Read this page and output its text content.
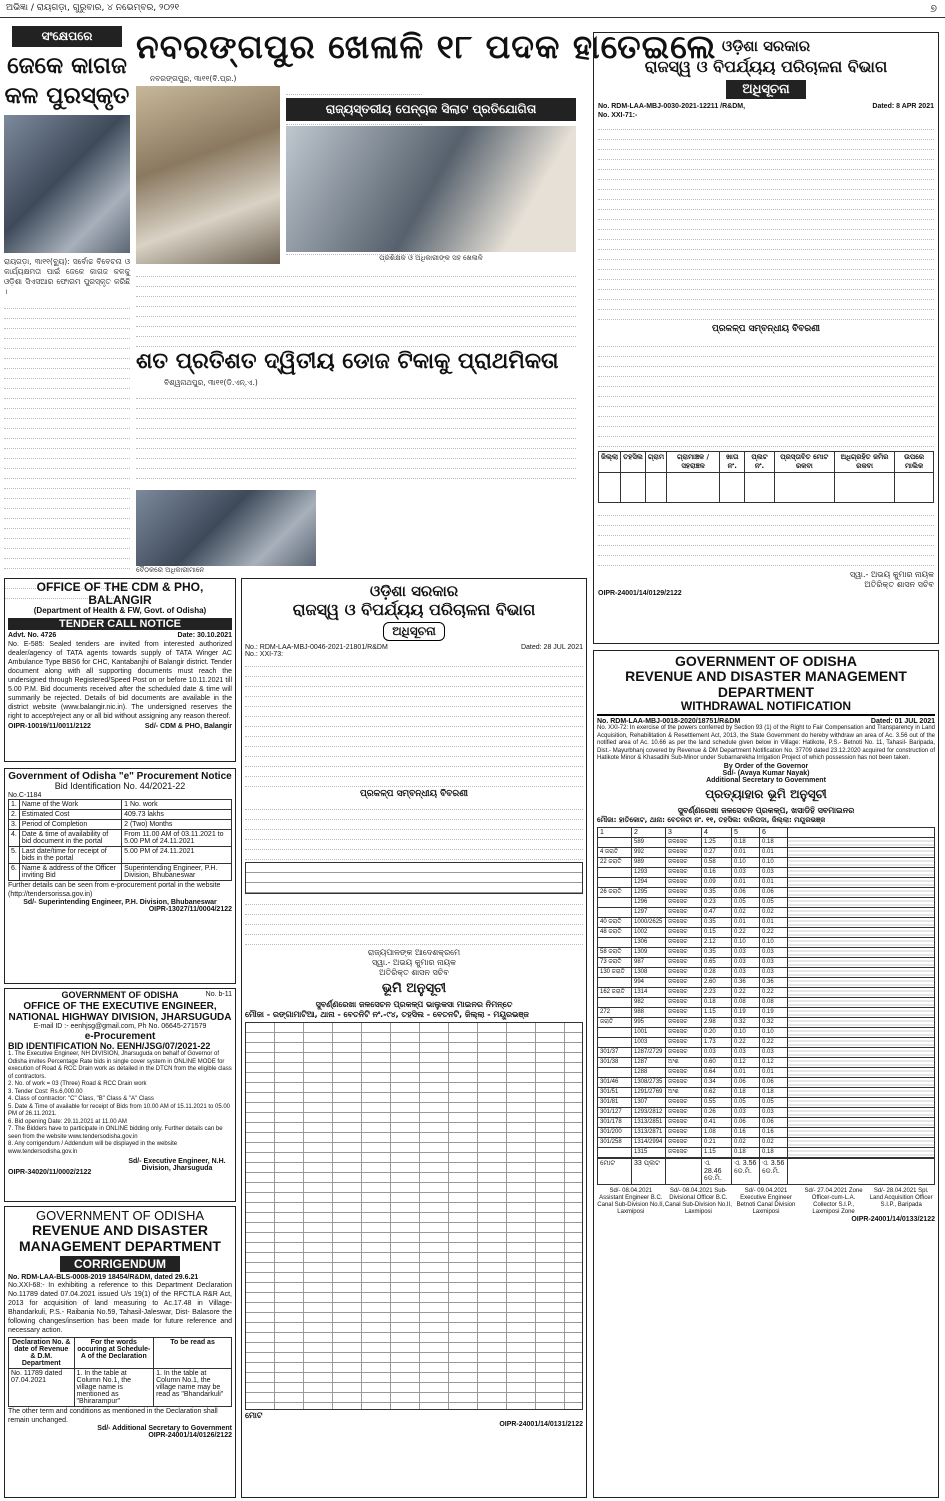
ଅଭିଜ୍ଞା / ରାୟଗଡ଼ା, ଗୁରୁବାର, ୪ ନଭେମ୍ବର, ୨୦୨୧	୭
ସଂକ୍ଷେପରେ
ଜେକେ କାଗଜ କଳ ପୁରସ୍କୃତ
ରାୟଗଡ଼ା, ୩ା୧୧(ବ୍ୟୁ): ସର୍ବୋଚ୍ଚ ବିବେଚନା ଓ କାର୍ଯ୍ୟକ୍ଷମତା ପାଇଁ ଜେକେ କାଗଜ କଳକୁ ଓଡ଼ିଶା ସିଏସଆର ଫୋରମ ପୁରସ୍କୃତ କରିଛି ।
ନବରଙ୍ଗପୁର ଖେଳାଳି ୧୮ ପଦକ ହାତେଇଲେ
ନବରଙ୍ଗପୁର, ୩ା୧୧(ବି.ପ୍ର.)
ରାଜ୍ୟସ୍ତରୀୟ ପେନ୍ଚାକ ସିଲାଟ ପ୍ରତିଯୋଗିତା
ପ୍ରଶିକ୍ଷକ ଓ ଅଧିକାରୀଙ୍କ ସହ ଖେଳାଳି
ଶତ ପ୍ରତିଶତ ଦ୍ୱିତୀୟ ଡୋଜ ଟିକାକୁ ପ୍ରାଥମିକତା
ବିଶ୍ୱନାଥପୁର, ୩ା୧୧(ଡି.ଏନ୍.ଏ.)
ବୈଠକରେ ଅଧିକାରୀମାନେ
ଓଡ଼ିଶା ସରକାର
ରାଜସ୍ୱ ଓ ବିପର୍ଯ୍ୟୟ ପରିଚାଳନା ବିଭାଗ
ଅଧିସୂଚନା
No. RDM-LAA-MBJ-0030-2021-12211 /R&DM,	Dated: 8 APR 2021
No. XXI-71:-
ପ୍ରକଳ୍ପ ସମ୍ବନ୍ଧୀୟ ବିବରଣୀ
ଜିଲ୍ଲା	ତହସିଲ	ଗ୍ରାମ	ଗ୍ରାମାଞ୍ଚଳ / ସହରାଞ୍ଚଳ	ଖାତା ନଂ.	ପ୍ଲଟ ନଂ.	ପ୍ରସ୍ତାବିତ ମୋଟ ରକବା	ଅଧିଗ୍ରହିତ ଜମିର ରକବା	ଉପରେ ମାଲିକ

ସ୍ୱା.- ଅଭୟ କୁମାର ନାୟକ
ଅତିରିକ୍ତ ଶାସନ ସଚିବ
OIPR-24001/14/0129/2122
OFFICE OF THE CDM & PHO, BALANGIR
(Department of Health & FW, Govt. of Odisha)
TENDER CALL NOTICE
Advt. No. 4726	Date: 30.10.2021
No. E-585: Sealed tenders are invited from interested authorized dealer/agency of TATA agents towards supply of TATA Winger AC Ambulance Type BBS6 for CHC, Kantabanjhi of Balangir district. Tender document along with all supporting documents must reach the undersigned through Registered/Speed Post on or before 10.11.2021 till 5.00 P.M. Bid documents received after the scheduled date & time will summarily be rejected. Details of bid documents are available in the district website (www.balangir.nic.in). The undersigned reserves the right to accept/reject any or all bid without assigning any reason thereof.
OIPR-10019/11/0011/2122	Sd/- CDM & PHO, Balangir
Government of Odisha "e" Procurement Notice
Bid Identification No. 44/2021-22
No.C-1184
1.	Name of the Work	1 No. work
2.	Estimated Cost	409.73 lakhs
3.	Period of Completion	2 (Two) Months
4.	Date & time of availability of bid document in the portal	From 11.00 AM of 03.11.2021 to 5.00 PM of 24.11.2021
5.	Last date/time for receipt of bids in the portal	5.00 PM of 24.11.2021
6.	Name & address of the Officer inviting Bid	Superintending Engineer, P.H. Division, Bhubaneswar
Further details can be seen from e-procurement portal in the website (http://tendersorissa.gov.in)
Sd/- Superintending Engineer, P.H. Division, Bhubaneswar
OIPR-13027/11/0004/2122
GOVERNMENT OF ODISHA	No. b-11
OFFICE OF THE EXECUTIVE ENGINEER, NATIONAL HIGHWAY DIVISION, JHARSUGUDA
E-mail ID :- eenhjsg@gmail.com, Ph No. 06645-271579
e-Procurement
BID IDENTIFICATION No. EENH/JSG/07/2021-22
1. The Executive Engineer, NH DIVISION, Jharsuguda on behalf of Governor of Odisha invites Percentage Rate bids in single cover system in ONLINE MODE for execution of Road & RCC Drain work as detailed in the DTCN from the eligible class of contractors.
2. No. of work = 03 (Three) Road & RCC Drain work
3. Tender Cost: Rs.6,000.00
4. Class of contractor: "C" Class, "B" Class & "A" Class
5. Date & Time of available for receipt of Bids from 10.00 AM of 15.11.2021 to 05.00 PM of 26.11.2021.
6. Bid opening Date: 29.11.2021 at 11.00 AM
7. The Bidders have to participate in ONLINE bidding only. Further details can be seen from the website www.tendersodisha.gov.in
8. Any corrigendum / Addendum will be displayed in the website www.tendersodisha.gov.in
OIPR-34020/11/0002/2122
Sd/- Executive Engineer, N.H. Division, Jharsuguda
GOVERNMENT OF ODISHA
REVENUE AND DISASTER MANAGEMENT DEPARTMENT
CORRIGENDUM
No. RDM-LAA-BLS-0008-2019 18454/R&DM, dated 29.6.21
No.XXI-68:- In exhibiting a reference to this Department Declaration No.11789 dated 07.04.2021 issued U/s 19(1) of the RFCTLA R&R Act, 2013 for acquisition of land measuring to Ac.17.48 in Village-Bhandarkuli, P.S.- Raibania No.59, Tahasil-Jaleswar, Dist- Balasore the following changes/insertion has been made for future reference and necessary action.
Declaration No. & date of Revenue & D.M. Department	For the words occuring at Schedule-A of the Declaration	To be read as
No. 11789 dated 07.04.2021	1. In the table at Column No.1, the village name is mentioned as "Bhirarampur"	1. In the table at Column No.1, the village name may be read as "Bhandarkuli"
The other term and conditions as mentioned in the Declaration shall remain unchanged.
Sd/- Additional Secretary to Government
OIPR-24001/14/0126/2122
ଓଡ଼ିଶା ସରକାର
ରାଜସ୍ୱ ଓ ବିପର୍ଯ୍ୟୟ ପରିଚାଳନା ବିଭାଗ
ଅଧିସୂଚନା
No.: RDM-LAA-MBJ-0046-2021-21801/R&DM	Dated: 28 JUL 2021
No.: XXI-73:
ପ୍ରକଳ୍ପ ସମ୍ବନ୍ଧୀୟ ବିବରଣୀ
ରାଜ୍ୟପାଳଙ୍କ ଆଦେଶକ୍ରମେ
ସ୍ୱା.- ଅଭୟ କୁମାର ନାୟକ
ଅତିରିକ୍ତ ଶାସନ ସଚିବ
ଭୂମି ଅନୁସୂଚୀ
ସୁବର୍ଣ୍ଣରେଖା ଜଳସେଚନ ପ୍ରକଳ୍ପ ଭାଲୁକସା ମାଇନର ନିମନ୍ତେ
ମୌଜା - ରଙ୍ଗାମାଟିଆ, ଥାନା - ବେତନିଟି ନଂ.-୯୪, ତହସିଲ - ବେତନଟି, ଜିଲ୍ଲା - ମୟୂରଭଞ୍ଜ
ମୋଟ
OIPR-24001/14/0131/2122
GOVERNMENT OF ODISHA
REVENUE AND DISASTER MANAGEMENT DEPARTMENT
WITHDRAWAL NOTIFICATION
No. RDM-LAA-MBJ-0018-2020/18751/R&DM	Dated: 01 JUL 2021
No. XXI-72: In exercise of the powers conferred by Section 93 (1) of the Right to Fair Compensation and Transparency in Land Acquisition, Rehabilitation & Resettlement Act, 2013, the State Government do hereby withdraw an area of Ac. 3.56 out of the notified area of Ac. 10.66 as per the land schedule given below in Village: Hatikote, P.S.- Betnoti No. 11, Tahasil- Baripada, Dist.- Mayurbhanj covered by Revenue & DM Department Notification No. 37709 dated 23.12.2020 acquired for construction of Hatikote Minor & Khasadihi Sub-Minor under Subarnarekha Irrigation Project of which possession has not been taken.
By Order of the Governor
Sd/- (Avaya Kumar Nayak)
Additional Secretary to Government
ପ୍ରତ୍ୟାହାର ଭୂମି ଅନୁସୂଚୀ
ସୁବର୍ଣ୍ଣରେଖା ଜଳସେଚନ ପ୍ରକଳ୍ପ, ଖସାଡିହି ସବମାଇନର
ମୌଜା: ହାତିକୋଟ, ଥାନା: ବେତନଟୀ ନଂ. ୧୧, ତହସିଲ: ବାରିପଦା, ଜିଲ୍ଲା: ମୟୂରଭଞ୍ଜ
1	2	3	4	5	6	
	589	ଜଳସେଚ	1.25	0.18	0.18	
4 ଜରାତି	992	ଜଳସେଚ	0.27	0.01	0.01	
22 ଜରାତି	989	ଜଳସେଚ	0.58	0.10	0.10	
	1293	ଜଳସେଚ	0.16	0.03	0.03	
	1294	ଜଳସେଚ	0.09	0.01	0.01	
26 ଜରାତି	1295	ଜଳସେଚ	0.35	0.06	0.06	
	1296	ଜଳସେଚ	0.23	0.05	0.05	
	1297	ଜଳସେଚ	0.47	0.02	0.02	
40 ଜରାତି	1000/2625	ଜଳସେଚ	0.35	0.01	0.01	
48 ଜରାତି	1002	ଜଳସେଚ	0.15	0.22	0.22	
	1306	ଜଳସେଚ	2.12	0.10	0.10	
58 ଜରାତି	1309	ଜଳସେଚ	0.35	0.03	0.03	
73 ଜରାତି	987	ଜଳସେଚ	0.65	0.03	0.03	
130 ଜରାତି	1308	ଜଳସେଚ	0.28	0.03	0.03	
	994	ଜଳସେଚ	2.60	0.36	0.36	
162 ଜରାତି	1314	ଜଳସେଚ	2.23	0.22	0.22	
	982	ଜଳସେଚ	0.18	0.08	0.08	
272	988	ଜଳସେଚ	1.15	0.19	0.19	
ଜରାତି	995	ଜଳସେଚ	2.98	0.32	0.32	
	1001	ଜଳସେଚ	0.20	0.10	0.10	
	1003	ଜଳସେଚ	1.73	0.22	0.22	
301/37	1287/2729	ଜଳସେଚ	0.03	0.03	0.03	
301/38	1287	ଅଂଶ	0.60	0.12	0.12	
	1288	ଜଳସେଚ	0.64	0.01	0.01	
301/46	1308/2735	ଜଳସେଚ	0.34	0.06	0.06	
301/51	1291/2769	ଅଂଶ	0.62	0.18	0.18	
301/81	1307	ଜଳସେଚ	0.55	0.05	0.05	
301/127	1293/2812	ଜଳସେଚ	0.26	0.03	0.03	
301/178	1313/2851	ଜଳସେଚ	0.41	0.06	0.06	
301/200	1313/2871	ଜଳସେଚ	1.08	0.16	0.16	
301/258	1314/2994	ଜଳସେଚ	0.21	0.02	0.02	
	1315	ଜଳସେଚ	1.15	0.18	0.18	
ମୋଟ	33 ପ୍ଲଟ		ଏ. 28.46 ଡେ.ମି.	ଏ. 3.56 ଡେ.ମି.	ଏ. 3.56 ଡେ.ମି.	
Sd/- 08.04.2021 Assistant Engineer B.C. Canal Sub-Division No.II, Laxmiposi
Sd/- 08.04.2021 Sub-Divisional Officer B.C. Canal Sub-Division No.II, Laxmiposi
Sd/- 09.04.2021 Executive Engineer Betnoti Canal Division Laxmiposi
Sd/- 27.04.2021 Zone Officer-cum-L.A. Collector S.I.P., Laxmiposi Zone
Sd/- 28.04.2021 Spl. Land Acquisition Officer S.I.P., Baripada
OIPR-24001/14/0133/2122
